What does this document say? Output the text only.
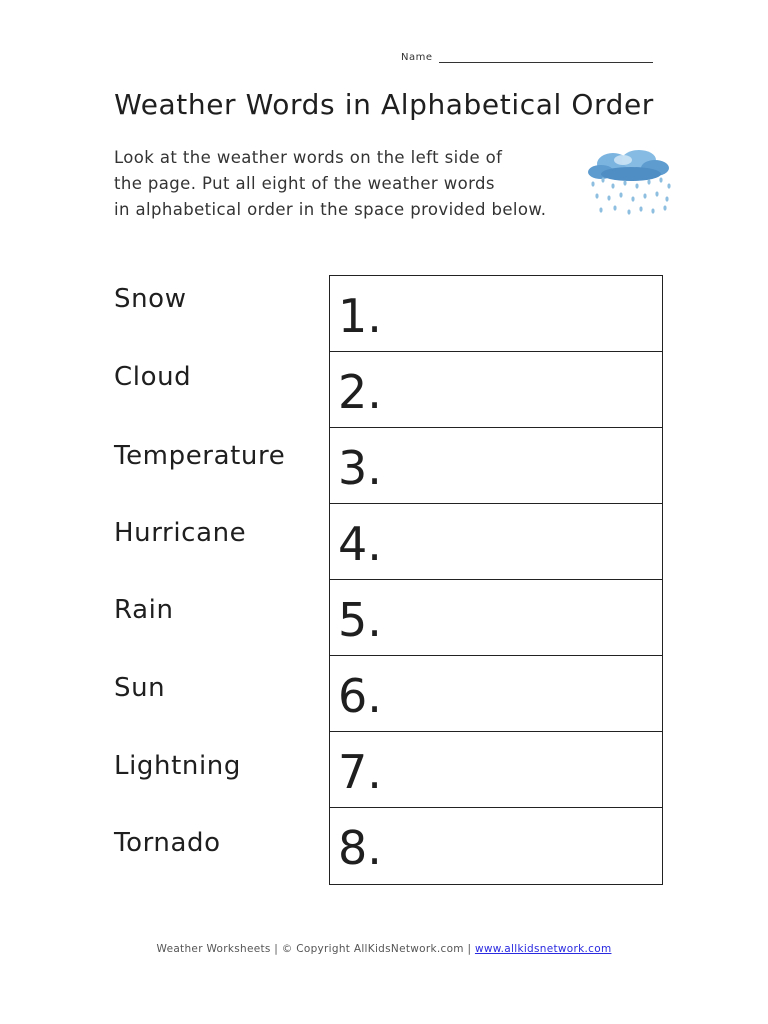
Name
Weather Words in Alphabetical Order

Look at the weather words on the left side of
the page. Put all eight of the weather words
in alphabetical order in the space provided below.

Snow
Cloud
Temperature
Hurricane
Rain
Sun
Lightning
Tornado
1.
2.
3.
4.
5.
6.
7.
8.
Weather Worksheets | © Copyright AllKidsNetwork.com | www.allkidsnetwork.com
